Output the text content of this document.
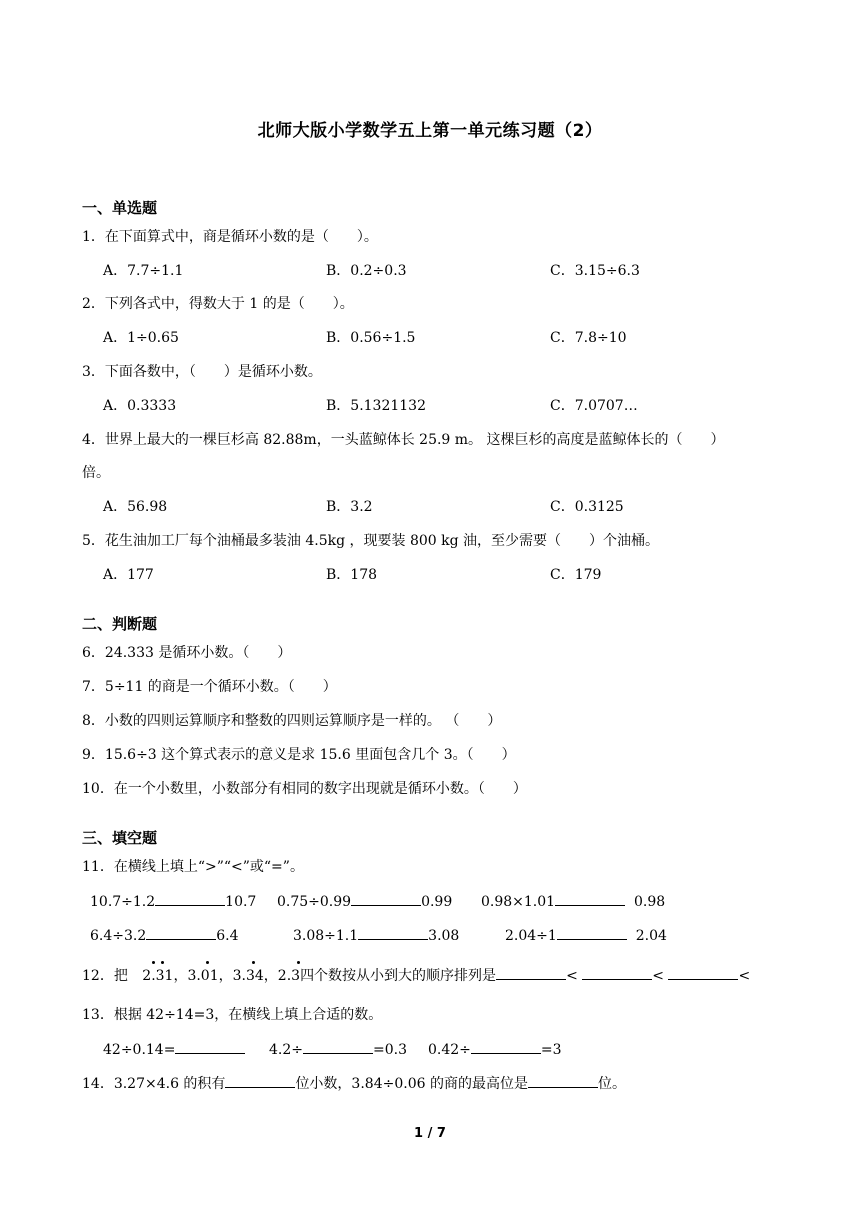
北师大版小学数学五上第一单元练习题（2）
一、单选题
1．在下面算式中，商是循环小数的是（　　）。
A．7.7÷1.1	B．0.2÷0.3	C．3.15÷6.3
2．下列各式中，得数大于 1 的是（　　）。
A．1÷0.65	B．0.56÷1.5	C．7.8÷10
3．下面各数中，（　　）是循环小数。
A．0.3333	B．5.1321132	C．7.0707…
4．世界上最大的一棵巨杉高 82.88m，一头蓝鲸体长 25.9 m。 这棵巨杉的高度是蓝鲸体长的（　　）
倍。
A．56.98	B．3.2	C．0.3125
5．花生油加工厂每个油桶最多装油 4.5kg ，现要装 800 kg 油，至少需要（　　）个油桶。
A．177	B．178	C．179
二、判断题
6．24.333 是循环小数。（　　）
7．5÷11 的商是一个循环小数。（　　）
8．小数的四则运算顺序和整数的四则运算顺序是一样的。 （　　）
9．15.6÷3 这个算式表示的意义是求 15.6 里面包含几个 3。（　　）
10．在一个小数里，小数部分有相同的数字出现就是循环小数。（　　）
三、填空题
11．在横线上填上“>”“<”或“=”。
10.7÷1.2	10.7 0.75÷0.99	0.99 0.98×1.01	0.98
6.4÷3.2	6.4	3.08÷1.1	3.08	2.04÷1	2.04
12．把 2.31
，3.01
，3.34
，2.3
四个数按从小到大的顺序排列是	<	<	<
13．根据 42÷14=3，在横线上填上合适的数。
42÷0.14=	4.2÷	=0.3 0.42÷	=3
14．3.27×4.6 的积有	位小数，3.84÷0.06 的商的最高位是	位。
1 / 7
